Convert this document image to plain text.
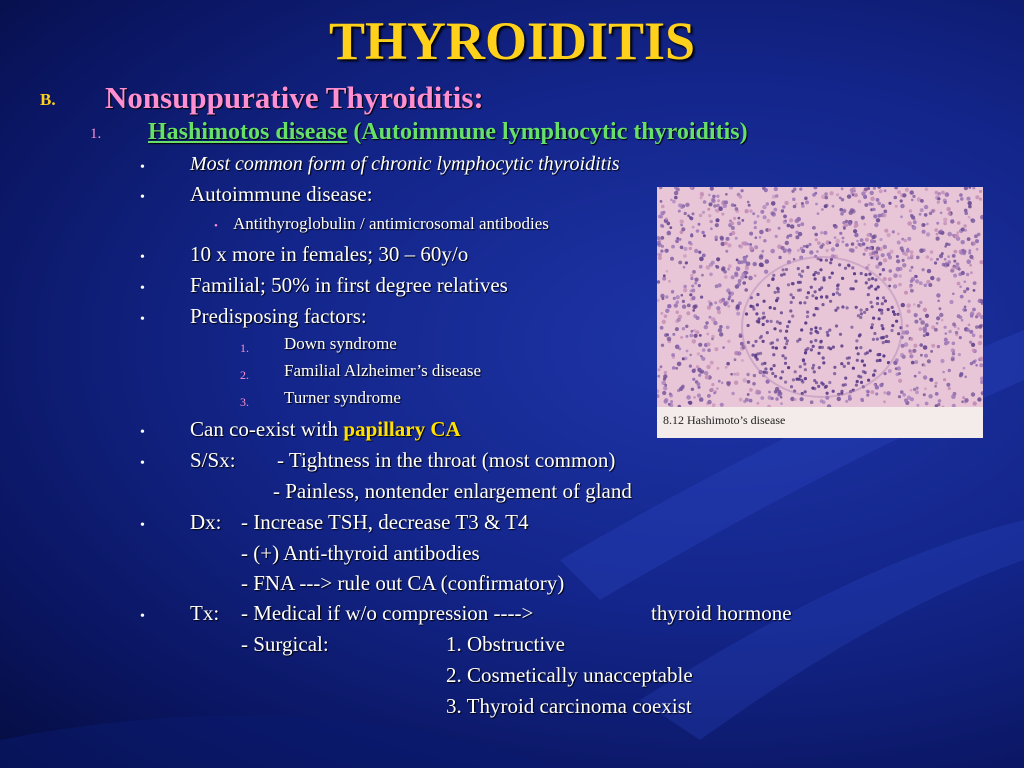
THYROIDITIS
B. Nonsuppurative Thyroiditis:
1. Hashimotos disease (Autoimmune lymphocytic thyroiditis)
• Most common form of chronic lymphocytic thyroiditis
• Autoimmune disease:
• Antithyroglobulin / antimicrosomal antibodies
• 10 x more in females; 30 – 60y/o
• Familial; 50% in first degree relatives
• Predisposing factors:
1. Down syndrome
2. Familial Alzheimer’s disease
3. Turner syndrome
• Can co-exist with papillary CA
• S/Sx: - Tightness in the throat (most common)
- Painless, nontender enlargement of gland
• Dx: - Increase TSH, decrease T3 & T4
- (+) Anti-thyroid antibodies
- FNA ---> rule out CA (confirmatory)
• Tx: - Medical if w/o compression ---->	thyroid hormone
- Surgical:	1. Obstructive
2. Cosmetically unacceptable
3. Thyroid carcinoma coexist
8.12 Hashimoto’s disease
